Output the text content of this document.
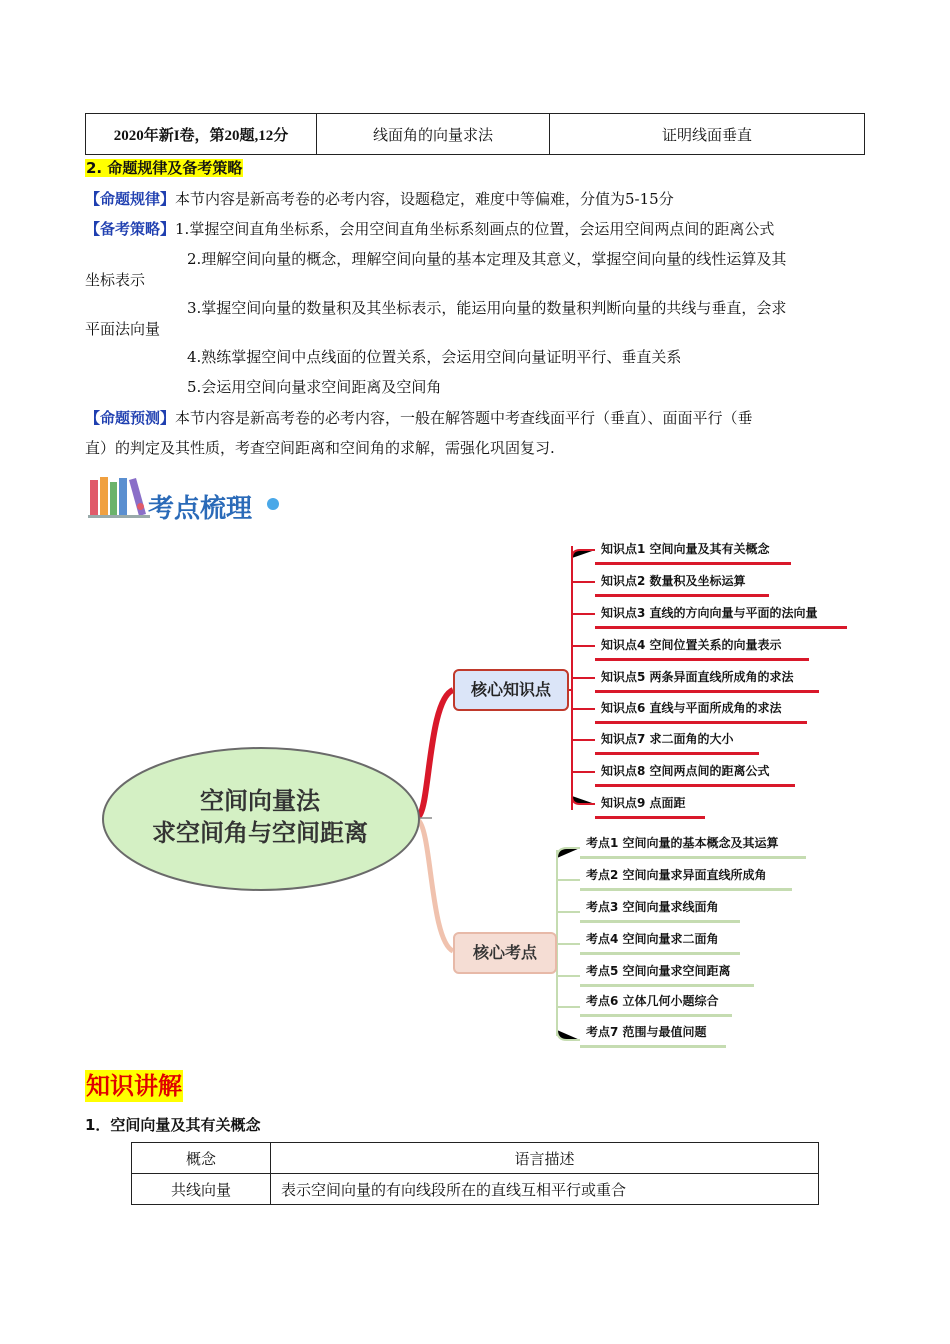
2020年新I卷，第20题,12分	线面角的向量求法	证明线面垂直
2. 命题规律及备考策略
【命题规律】本节内容是新高考卷的必考内容，设题稳定，难度中等偏难，分值为5-15分
【备考策略】1.掌握空间直角坐标系，会用空间直角坐标系刻画点的位置，会运用空间两点间的距离公式
2.理解空间向量的概念，理解空间向量的基本定理及其意义，掌握空间向量的线性运算及其
坐标表示
3.掌握空间向量的数量积及其坐标表示，能运用向量的数量积判断向量的共线与垂直，会求
平面法向量
4.熟练掌握空间中点线面的位置关系，会运用空间向量证明平行、垂直关系
5.会运用空间向量求空间距离及空间角
【命题预测】本节内容是新高考卷的必考内容，一般在解答题中考查线面平行（垂直）、面面平行（垂
直）的判定及其性质，考查空间距离和空间角的求解，需强化巩固复习.
考点梳理
空间向量法
求空间角与空间距离
核心知识点
核心考点
知识点1 空间向量及其有关概念
知识点2 数量积及坐标运算
知识点3 直线的方向向量与平面的法向量
知识点4 空间位置关系的向量表示
知识点5 两条异面直线所成角的求法
知识点6 直线与平面所成角的求法
知识点7 求二面角的大小
知识点8 空间两点间的距离公式
知识点9 点面距
考点1 空间向量的基本概念及其运算
考点2 空间向量求异面直线所成角
考点3 空间向量求线面角
考点4 空间向量求二面角
考点5 空间向量求空间距离
考点6 立体几何小题综合
考点7 范围与最值问题
知识讲解
1．空间向量及其有关概念
概念	语言描述
共线向量	表示空间向量的有向线段所在的直线互相平行或重合
